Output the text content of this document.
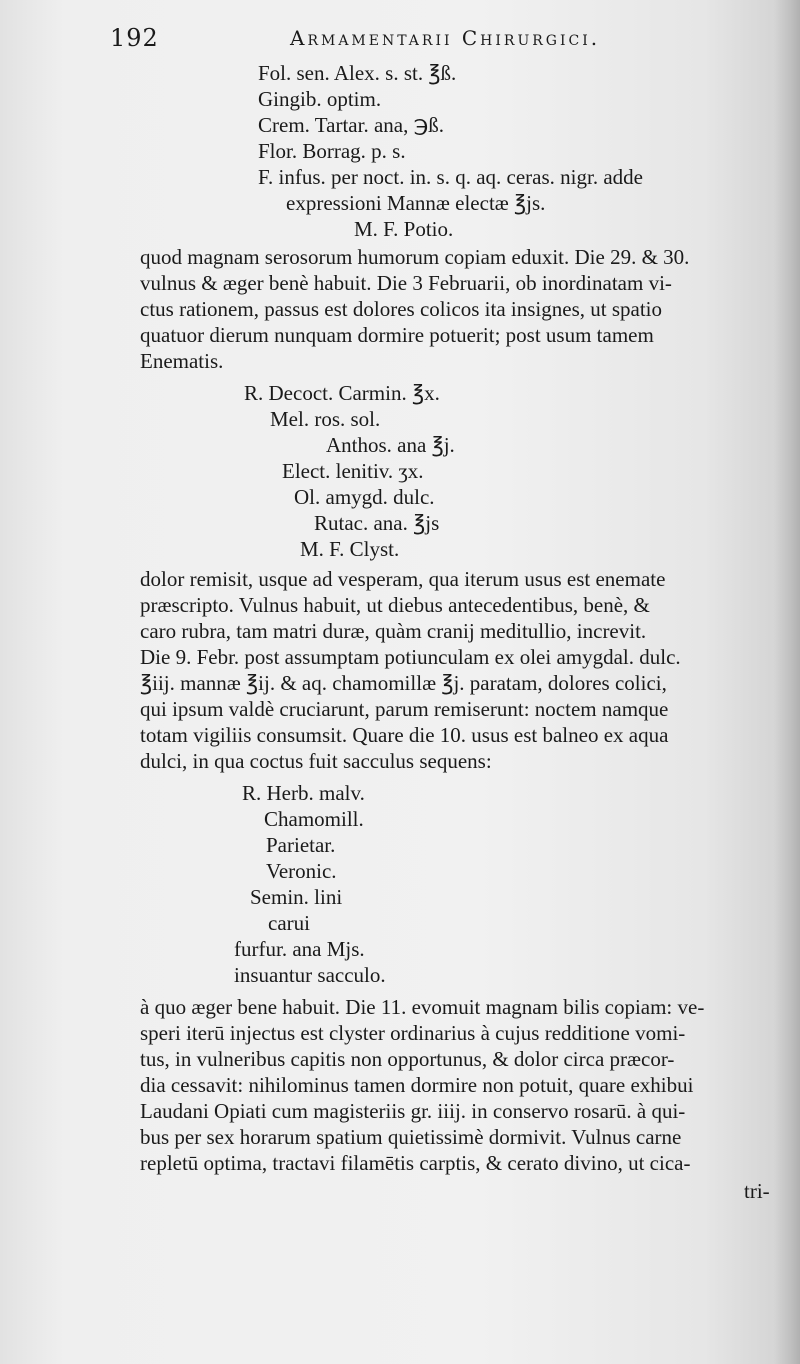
192	Armamentarii Chirurgici.
Fol. sen. Alex. s. st. ℥ß.
Gingib. optim.
Crem. Tartar. ana, ℈ß.
Flor. Borrag. p. s.
F. infus. per noct. in. s. q. aq. ceras. nigr. adde
expressioni Mannæ electæ ℥js.
M. F. Potio.
quod magnam serosorum humorum copiam eduxit. Die 29. & 30.
vulnus & æger benè habuit. Die 3 Februarii, ob inordinatam vi-
ctus rationem, passus est dolores colicos ita insignes, ut spatio
quatuor dierum nunquam dormire potuerit; post usum tamem
Enematis.
R. Decoct. Carmin. ℥x.
Mel. ros. sol.
Anthos. ana ℥j.
Elect. lenitiv. ʒx.
Ol. amygd. dulc.
Rutac. ana. ℥js
M. F. Clyst.
dolor remisit, usque ad vesperam, qua iterum usus est enemate
præscripto. Vulnus habuit, ut diebus antecedentibus, benè, &
caro rubra, tam matri duræ, quàm cranij meditullio, increvit.
Die 9. Febr. post assumptam potiunculam ex olei amygdal. dulc.
℥iij. mannæ ℥ij. & aq. chamomillæ ℥j. paratam, dolores colici,
qui ipsum valdè cruciarunt, parum remiserunt: noctem namque
totam vigiliis consumsit. Quare die 10. usus est balneo ex aqua
dulci, in qua coctus fuit sacculus sequens:
R. Herb. malv.
Chamomill.
Parietar.
Veronic.
Semin. lini
carui
furfur. ana Mjs.
insuantur sacculo.
à quo æger bene habuit. Die 11. evomuit magnam bilis copiam: ve-
speri iterū injectus est clyster ordinarius à cujus redditione vomi-
tus, in vulneribus capitis non opportunus, & dolor circa præcor-
dia cessavit: nihilominus tamen dormire non potuit, quare exhibui
Laudani Opiati cum magisteriis gr. iiij. in conservo rosarū. à qui-
bus per sex horarum spatium quietissimè dormivit. Vulnus carne
repletū optima, tractavi filamētis carptis, & cerato divino, ut cica-
tri-
